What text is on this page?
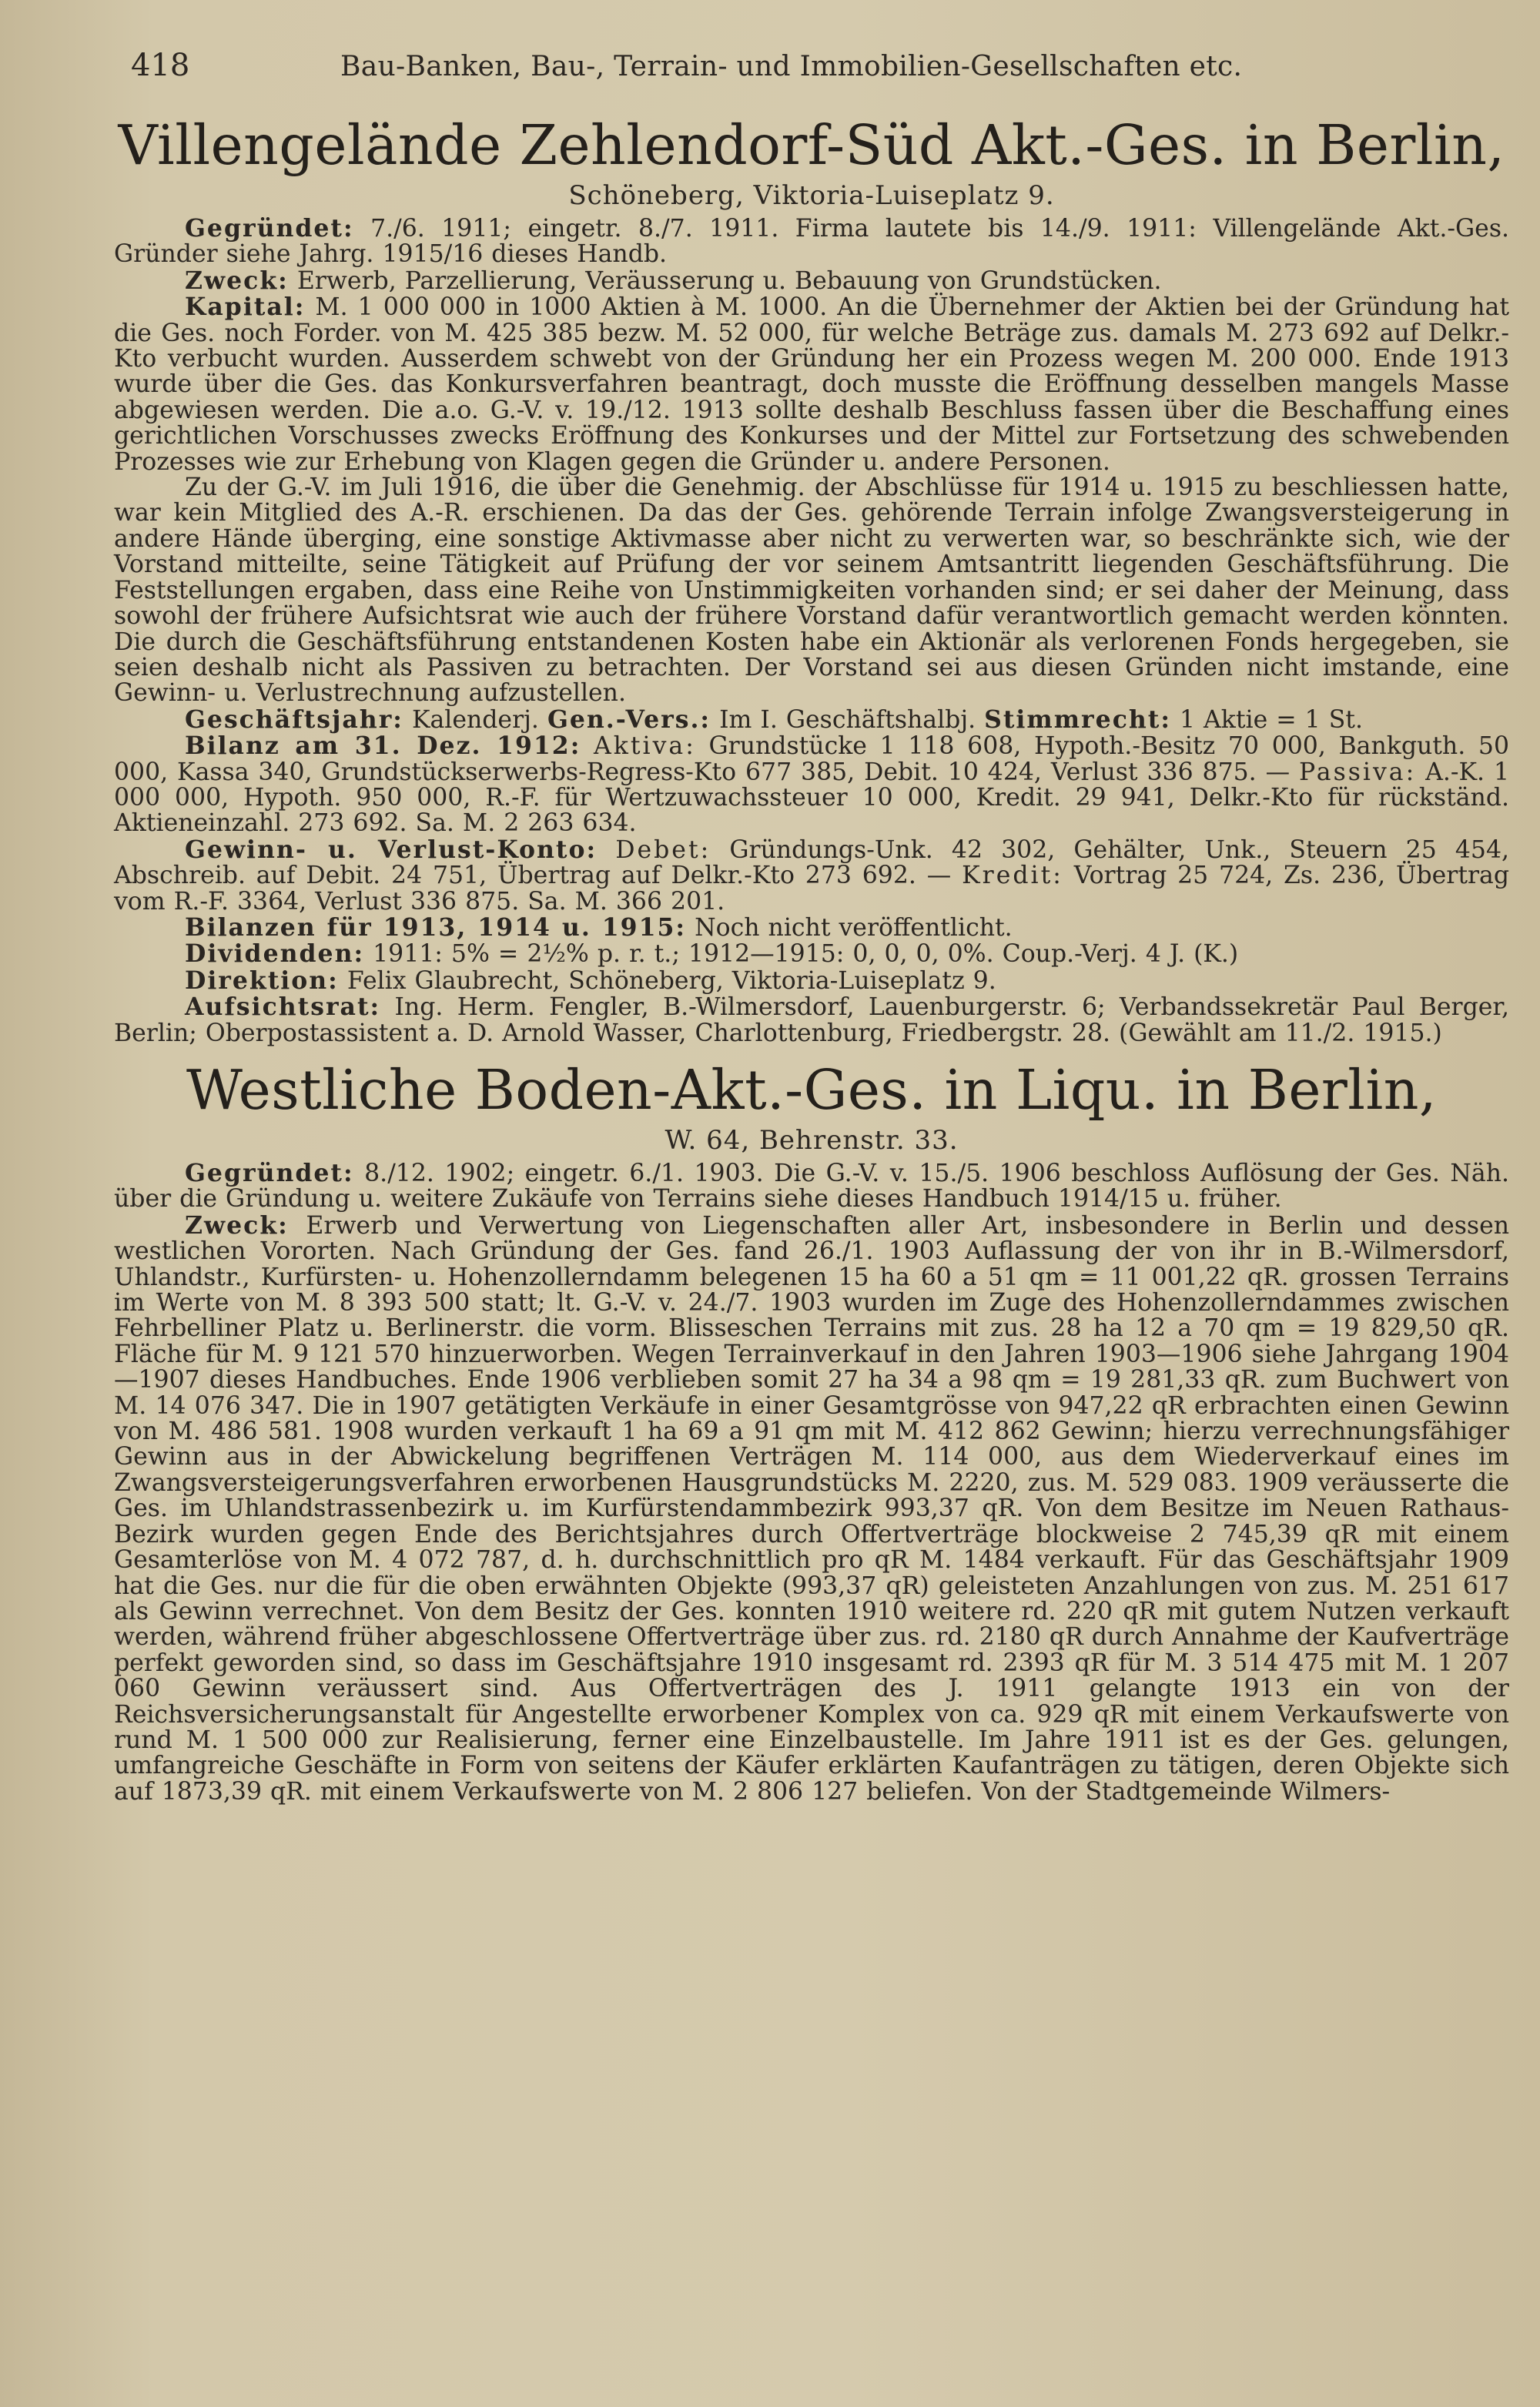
418	Bau-Banken, Bau-, Terrain- und Immobilien-Gesellschaften etc.
Villengelände Zehlendorf-Süd Akt.-Ges. in Berlin,
Schöneberg, Viktoria-Luiseplatz 9.

Gegründet: 7./6. 1911; eingetr. 8./7. 1911. Firma lautete bis 14./9. 1911: Villengelände Akt.-Ges. Gründer siehe Jahrg. 1915/16 dieses Handb.

Zweck: Erwerb, Parzellierung, Veräusserung u. Bebauung von Grundstücken.

Kapital: M. 1 000 000 in 1000 Aktien à M. 1000. An die Übernehmer der Aktien bei der Gründung hat die Ges. noch Forder. von M. 425 385 bezw. M. 52 000, für welche Beträge zus. damals M. 273 692 auf Delkr.-Kto verbucht wurden. Ausserdem schwebt von der Gründung her ein Prozess wegen M. 200 000. Ende 1913 wurde über die Ges. das Konkursverfahren beantragt, doch musste die Eröffnung desselben mangels Masse abgewiesen werden. Die a.o. G.-V. v. 19./12. 1913 sollte deshalb Beschluss fassen über die Beschaffung eines gerichtlichen Vorschusses zwecks Eröffnung des Konkurses und der Mittel zur Fortsetzung des schwebenden Prozesses wie zur Erhebung von Klagen gegen die Gründer u. andere Personen.

Zu der G.-V. im Juli 1916, die über die Genehmig. der Abschlüsse für 1914 u. 1915 zu beschliessen hatte, war kein Mitglied des A.-R. erschienen. Da das der Ges. gehörende Terrain infolge Zwangsversteigerung in andere Hände überging, eine sonstige Aktivmasse aber nicht zu verwerten war, so beschränkte sich, wie der Vorstand mitteilte, seine Tätigkeit auf Prüfung der vor seinem Amtsantritt liegenden Geschäftsführung. Die Feststellungen ergaben, dass eine Reihe von Unstimmigkeiten vorhanden sind; er sei daher der Meinung, dass sowohl der frühere Aufsichtsrat wie auch der frühere Vorstand dafür verantwortlich gemacht werden könnten. Die durch die Geschäftsführung entstandenen Kosten habe ein Aktionär als verlorenen Fonds hergegeben, sie seien deshalb nicht als Passiven zu betrachten. Der Vorstand sei aus diesen Gründen nicht imstande, eine Gewinn- u. Verlustrechnung aufzustellen.

Geschäftsjahr: Kalenderj. Gen.-Vers.: Im I. Geschäftshalbj. Stimmrecht: 1 Aktie = 1 St.

Bilanz am 31. Dez. 1912: Aktiva: Grundstücke 1 118 608, Hypoth.-Besitz 70 000, Bankguth. 50 000, Kassa 340, Grundstückserwerbs-Regress-Kto 677 385, Debit. 10 424, Verlust 336 875. — Passiva: A.-K. 1 000 000, Hypoth. 950 000, R.-F. für Wertzuwachssteuer 10 000, Kredit. 29 941, Delkr.-Kto für rückständ. Aktieneinzahl. 273 692. Sa. M. 2 263 634.

Gewinn- u. Verlust-Konto: Debet: Gründungs-Unk. 42 302, Gehälter, Unk., Steuern 25 454, Abschreib. auf Debit. 24 751, Übertrag auf Delkr.-Kto 273 692. — Kredit: Vortrag 25 724, Zs. 236, Übertrag vom R.-F. 3364, Verlust 336 875. Sa. M. 366 201.

Bilanzen für 1913, 1914 u. 1915: Noch nicht veröffentlicht.

Dividenden: 1911: 5% = 2½% p. r. t.; 1912—1915: 0, 0, 0, 0%. Coup.-Verj. 4 J. (K.)

Direktion: Felix Glaubrecht, Schöneberg, Viktoria-Luiseplatz 9.

Aufsichtsrat: Ing. Herm. Fengler, B.-Wilmersdorf, Lauenburgerstr. 6; Verbandssekretär Paul Berger, Berlin; Oberpostassistent a. D. Arnold Wasser, Charlottenburg, Friedbergstr. 28. (Gewählt am 11./2. 1915.)

Westliche Boden-Akt.-Ges. in Liqu. in Berlin,
W. 64, Behrenstr. 33.

Gegründet: 8./12. 1902; eingetr. 6./1. 1903. Die G.-V. v. 15./5. 1906 beschloss Auflösung der Ges. Näh. über die Gründung u. weitere Zukäufe von Terrains siehe dieses Handbuch 1914/15 u. früher.

Zweck: Erwerb und Verwertung von Liegenschaften aller Art, insbesondere in Berlin und dessen westlichen Vororten. Nach Gründung der Ges. fand 26./1. 1903 Auflassung der von ihr in B.-Wilmersdorf, Uhlandstr., Kurfürsten- u. Hohenzollerndamm belegenen 15 ha 60 a 51 qm = 11 001,22 qR. grossen Terrains im Werte von M. 8 393 500 statt; lt. G.-V. v. 24./7. 1903 wurden im Zuge des Hohenzollerndammes zwischen Fehrbelliner Platz u. Berlinerstr. die vorm. Blisseschen Terrains mit zus. 28 ha 12 a 70 qm = 19 829,50 qR. Fläche für M. 9 121 570 hinzuerworben. Wegen Terrainverkauf in den Jahren 1903—1906 siehe Jahrgang 1904—1907 dieses Handbuches. Ende 1906 verblieben somit 27 ha 34 a 98 qm = 19 281,33 qR. zum Buchwert von M. 14 076 347. Die in 1907 getätigten Verkäufe in einer Gesamtgrösse von 947,22 qR erbrachten einen Gewinn von M. 486 581. 1908 wurden verkauft 1 ha 69 a 91 qm mit M. 412 862 Gewinn; hierzu verrechnungsfähiger Gewinn aus in der Abwickelung begriffenen Verträgen M. 114 000, aus dem Wiederverkauf eines im Zwangsversteigerungsverfahren erworbenen Hausgrundstücks M. 2220, zus. M. 529 083. 1909 veräusserte die Ges. im Uhlandstrassenbezirk u. im Kurfürstendammbezirk 993,37 qR. Von dem Besitze im Neuen Rathaus-Bezirk wurden gegen Ende des Berichtsjahres durch Offertverträge blockweise 2 745,39 qR mit einem Gesamterlöse von M. 4 072 787, d. h. durchschnittlich pro qR M. 1484 verkauft. Für das Geschäftsjahr 1909 hat die Ges. nur die für die oben erwähnten Objekte (993,37 qR) geleisteten Anzahlungen von zus. M. 251 617 als Gewinn verrechnet. Von dem Besitz der Ges. konnten 1910 weitere rd. 220 qR mit gutem Nutzen verkauft werden, während früher abgeschlossene Offertverträge über zus. rd. 2180 qR durch Annahme der Kaufverträge perfekt geworden sind, so dass im Geschäftsjahre 1910 insgesamt rd. 2393 qR für M. 3 514 475 mit M. 1 207 060 Gewinn veräussert sind. Aus Offertverträgen des J. 1911 gelangte 1913 ein von der Reichsversicherungsanstalt für Angestellte erworbener Komplex von ca. 929 qR mit einem Verkaufswerte von rund M. 1 500 000 zur Realisierung, ferner eine Einzelbaustelle. Im Jahre 1911 ist es der Ges. gelungen, umfangreiche Geschäfte in Form von seitens der Käufer erklärten Kaufanträgen zu tätigen, deren Objekte sich auf 1873,39 qR. mit einem Verkaufswerte von M. 2 806 127 beliefen. Von der Stadtgemeinde Wilmers-
